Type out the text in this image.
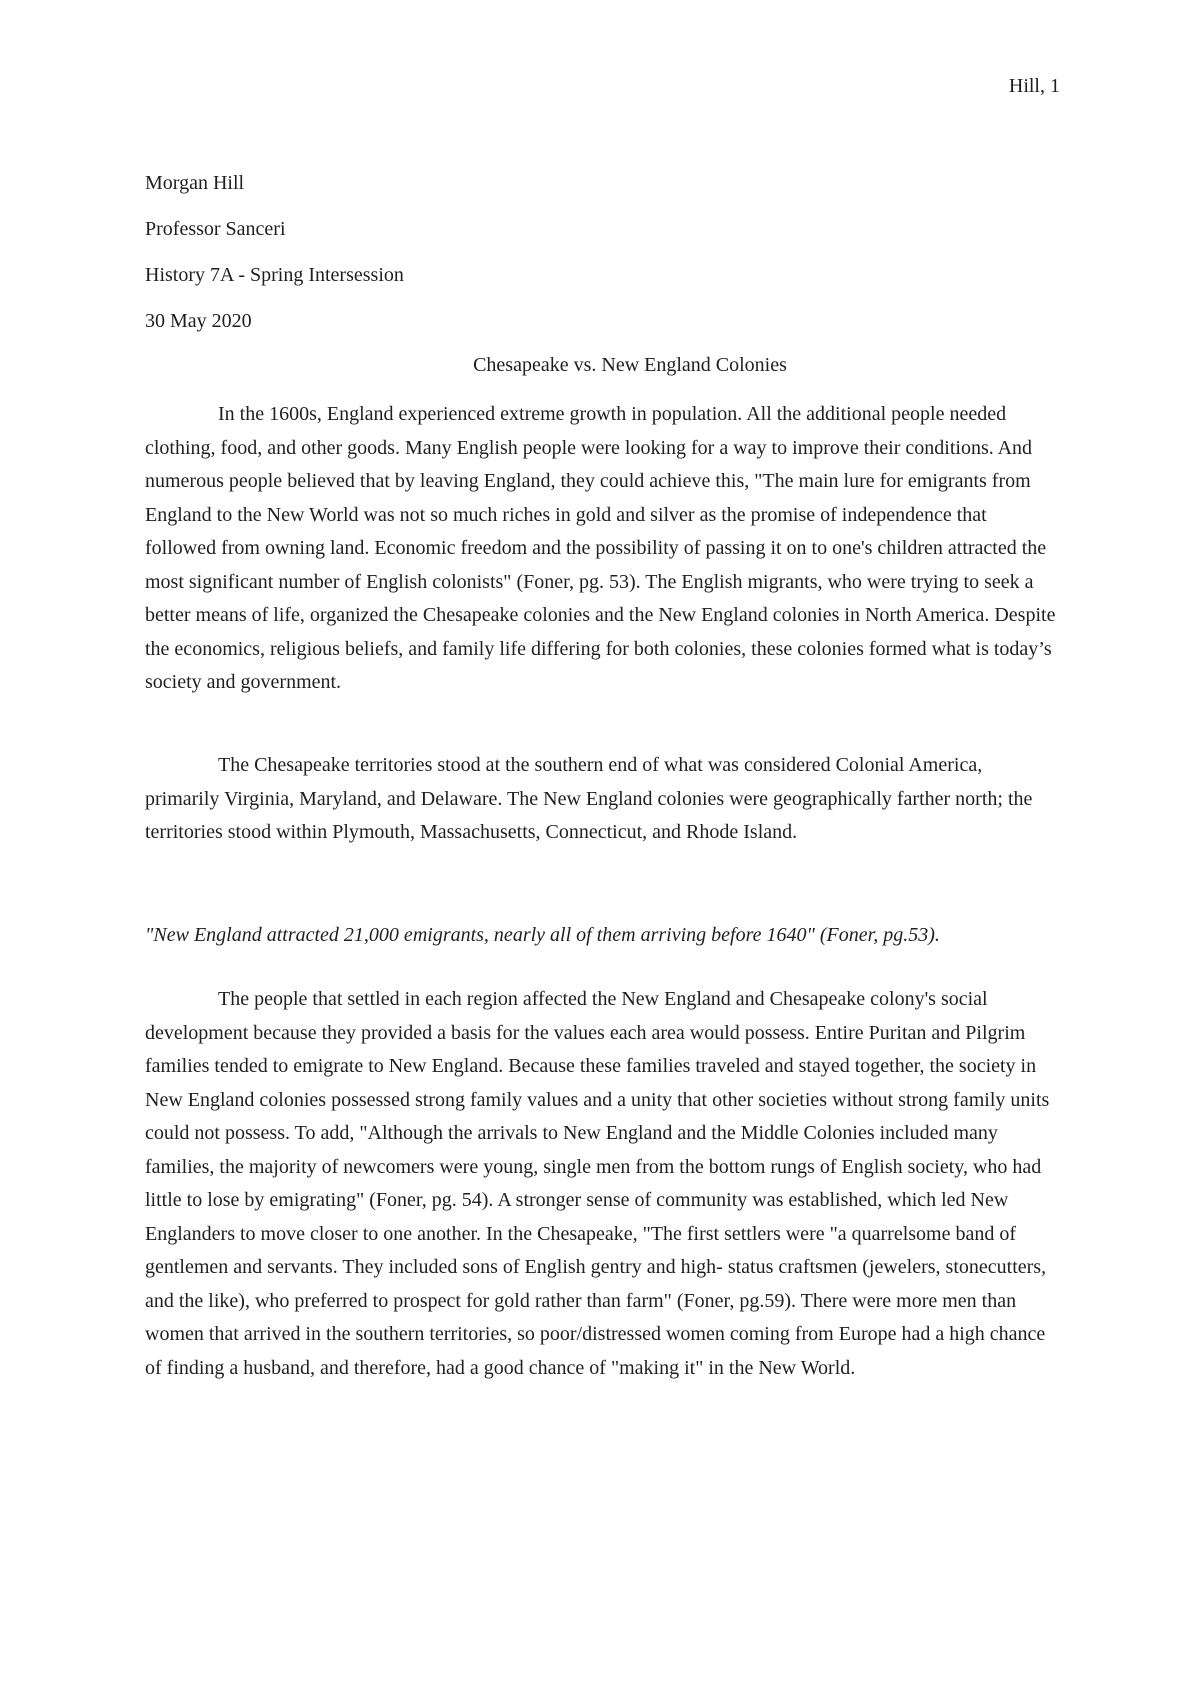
Hill, 1
Morgan Hill
Professor Sanceri
History 7A - Spring Intersession
30 May 2020
Chesapeake vs. New England Colonies

In the 1600s, England experienced extreme growth in population. All the additional people needed clothing, food, and other goods. Many English people were looking for a way to improve their conditions. And numerous people believed that by leaving England, they could achieve this, "The main lure for emigrants from England to the New World was not so much riches in gold and silver as the promise of independence that followed from owning land. Economic freedom and the possibility of passing it on to one's children attracted the most significant number of English colonists" (Foner, pg. 53). The English migrants, who were trying to seek a better means of life, organized the Chesapeake colonies and the New England colonies in North America. Despite the economics, religious beliefs, and family life differing for both colonies, these colonies formed what is today’s society and government.

The Chesapeake territories stood at the southern end of what was considered Colonial America, primarily Virginia, Maryland, and Delaware. The New England colonies were geographically farther north; the territories stood within Plymouth, Massachusetts, Connecticut, and Rhode Island.

"New England attracted 21,000 emigrants, nearly all of them arriving before 1640" (Foner, pg.53).

The people that settled in each region affected the New England and Chesapeake colony's social development because they provided a basis for the values each area would possess. Entire Puritan and Pilgrim families tended to emigrate to New England. Because these families traveled and stayed together, the society in New England colonies possessed strong family values and a unity that other societies without strong family units could not possess. To add, "Although the arrivals to New England and the Middle Colonies included many families, the majority of newcomers were young, single men from the bottom rungs of English society, who had little to lose by emigrating" (Foner, pg. 54). A stronger sense of community was established, which led New Englanders to move closer to one another. In the Chesapeake, "The first settlers were "a quarrelsome band of gentlemen and servants. They included sons of English gentry and high- status craftsmen (jewelers, stonecutters, and the like), who preferred to prospect for gold rather than farm" (Foner, pg.59). There were more men than women that arrived in the southern territories, so poor/distressed women coming from Europe had a high chance of finding a husband, and therefore, had a good chance of "making it" in the New World.
